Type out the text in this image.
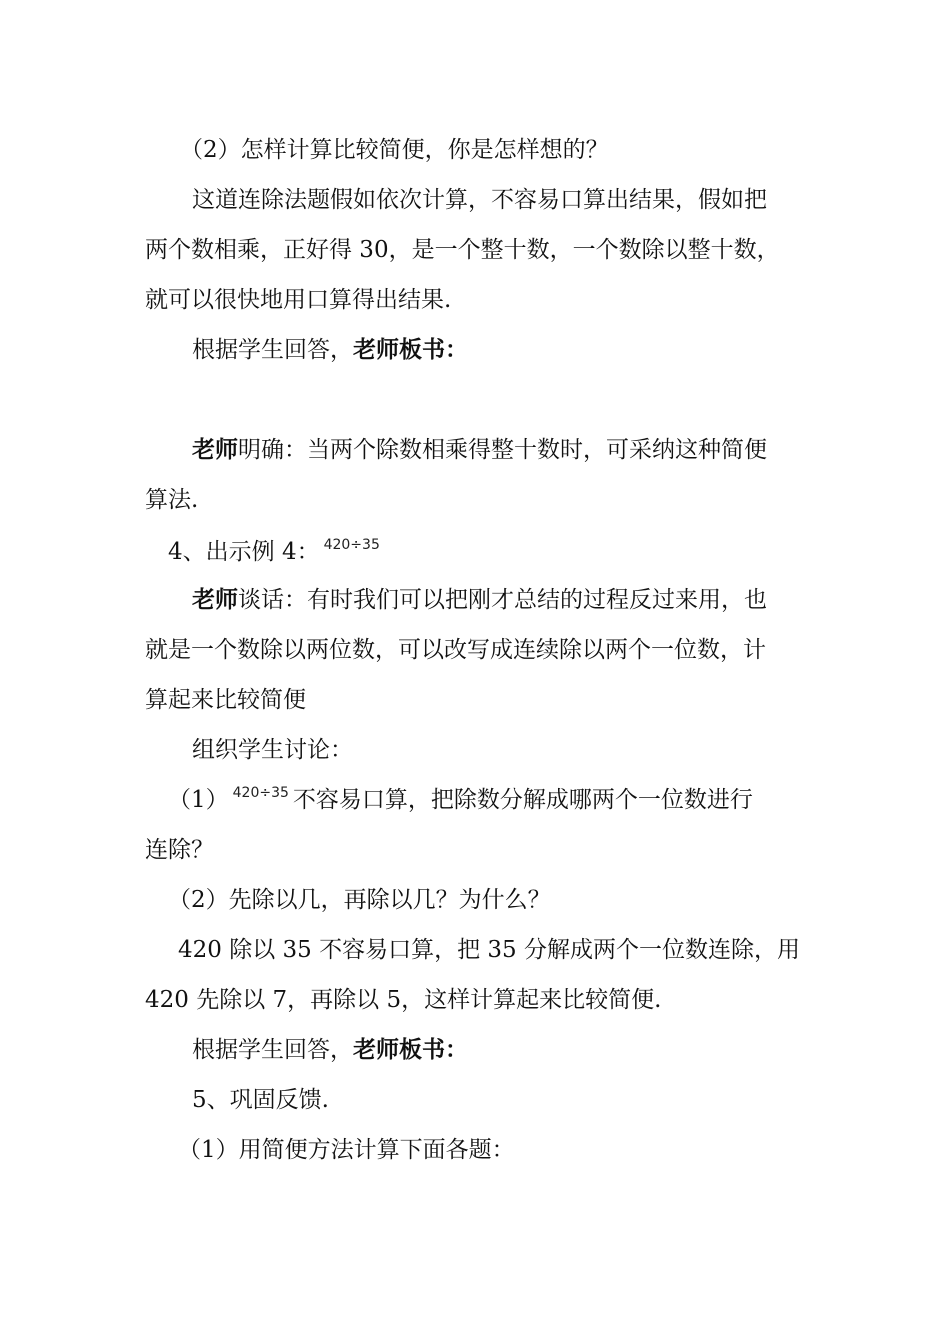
（2）怎样计算比较简便，你是怎样想的？
这道连除法题假如依次计算，不容易口算出结果，假如把
两个数相乘，正好得 30，是一个整十数，一个数除以整十数，
就可以很快地用口算得出结果.
根据学生回答，老师板书：
老师明确：当两个除数相乘得整十数时，可采纳这种简便
算法.
4、出示例 4： $^{420\div 35}$
老师谈话：有时我们可以把刚才总结的过程反过来用，也
就是一个数除以两位数，可以改写成连续除以两个一位数，计
算起来比较简便
组织学生讨论：
（1） $^{420\div 35}$ 不容易口算，把除数分解成哪两个一位数进行
连除？
（2）先除以几，再除以几？为什么？
420 除以 35 不容易口算，把 35 分解成两个一位数连除，用
420 先除以 7，再除以 5，这样计算起来比较简便.
根据学生回答，老师板书：
5、巩固反馈.
（1）用简便方法计算下面各题：
